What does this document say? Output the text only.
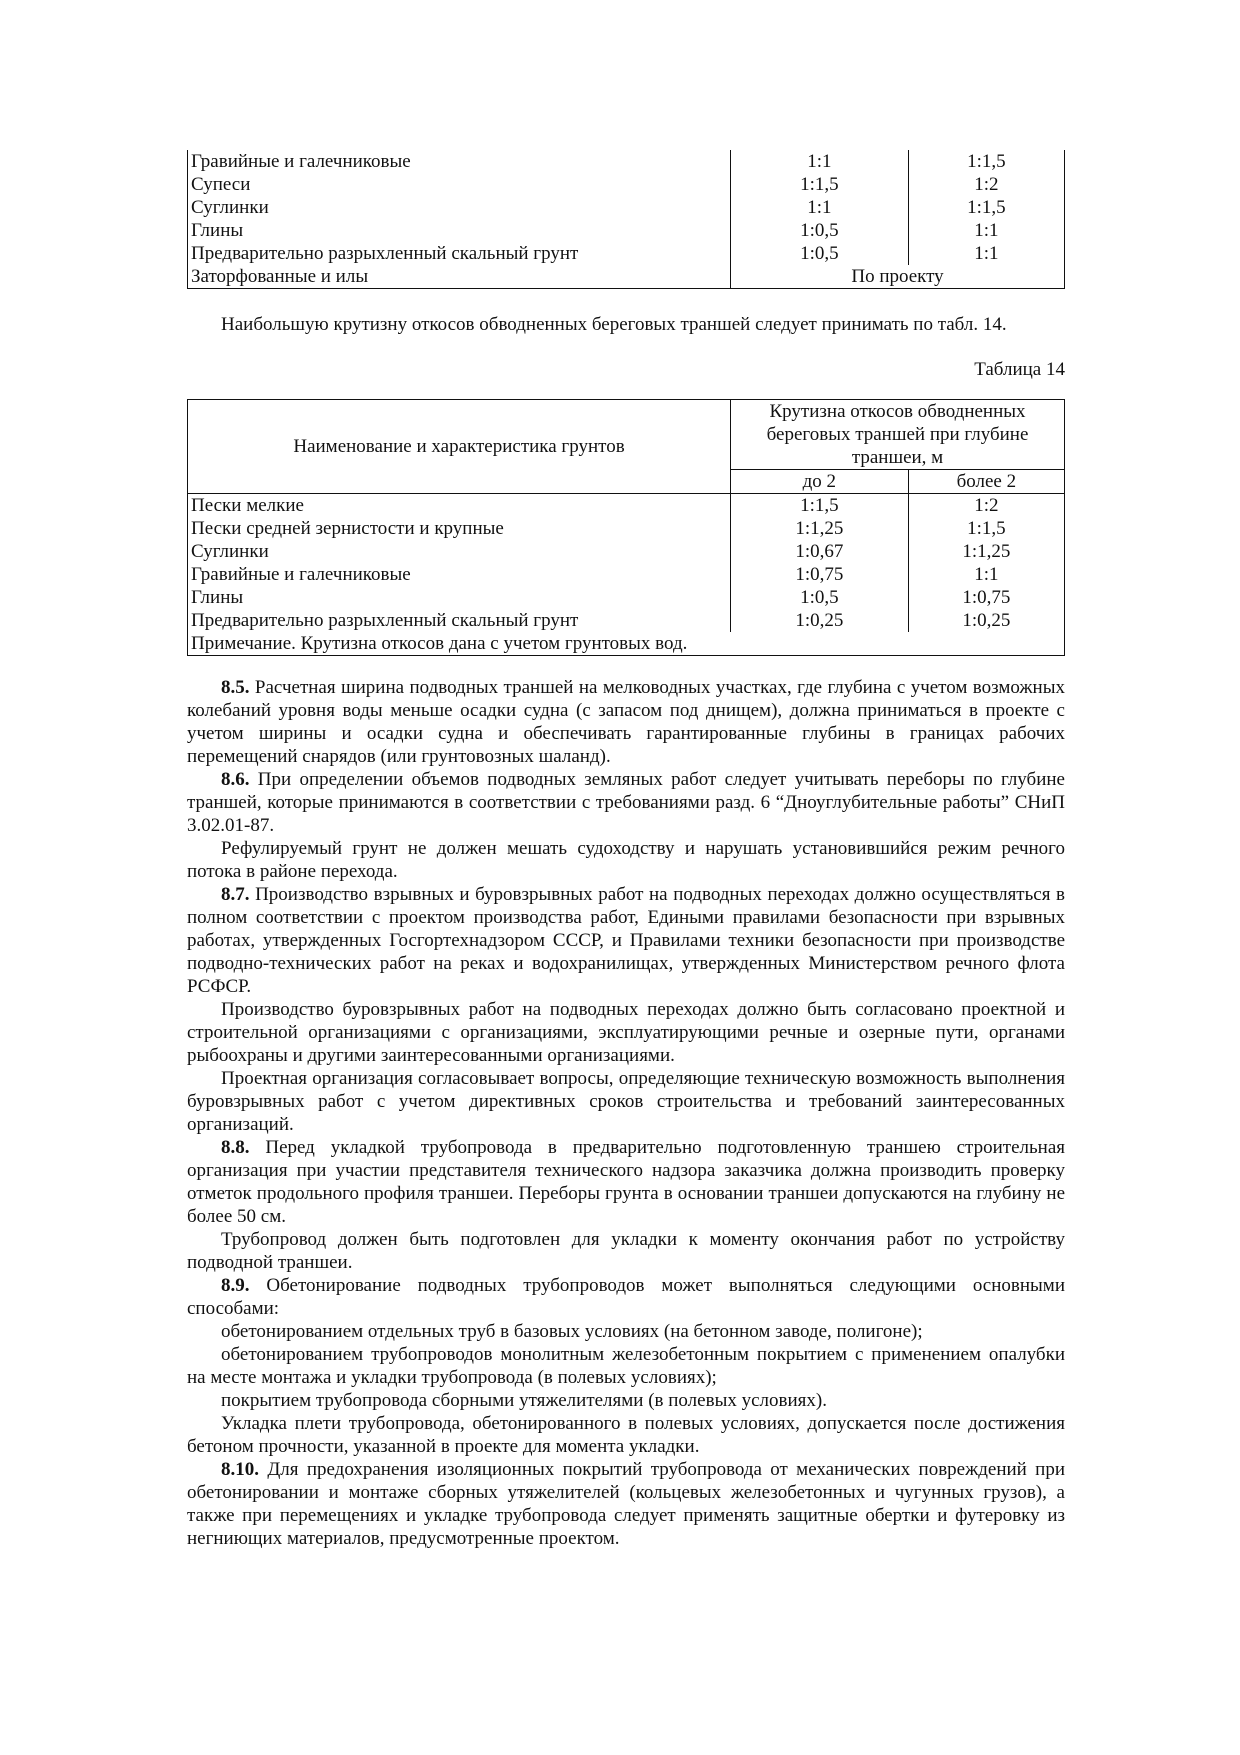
Гравийные и галечниковые	1:1	1:1,5
Супеси	1:1,5	1:2
Суглинки	1:1	1:1,5
Глины	1:0,5	1:1
Предварительно разрыхленный скальный грунт	1:0,5	1:1
Заторфованные и илы	По проекту	

Наибольшую крутизну откосов обводненных береговых траншей следует принимать по табл. 14.

Таблица 14
Наименование и характеристика грунтов	Крутизна откосов обводненных береговых траншей при глубине траншеи, м	
	до 2	более 2
Пески мелкие	1:1,5	1:2
Пески средней зернистости и крупные	1:1,25	1:1,5
Суглинки	1:0,67	1:1,25
Гравийные и галечниковые	1:0,75	1:1
Глины	1:0,5	1:0,75
Предварительно разрыхленный скальный грунт	1:0,25	1:0,25
Примечание. Крутизна откосов дана с учетом грунтовых вод.		

8.5. Расчетная ширина подводных траншей на мелководных участках, где глубина с учетом возможных колебаний уровня воды меньше осадки судна (с запасом под днищем), должна приниматься в проекте с учетом ширины и осадки судна и обеспечивать гарантированные глубины в границах рабочих перемещений снарядов (или грунтовозных шаланд).

8.6. При определении объемов подводных земляных работ следует учитывать переборы по глубине траншей, которые принимаются в соответствии с требованиями разд. 6 “Дноуглубительные работы” СНиП 3.02.01-87.

Рефулируемый грунт не должен мешать судоходству и нарушать установившийся режим речного потока в районе перехода.

8.7. Производство взрывных и буровзрывных работ на подводных переходах должно осуществляться в полном соответствии с проектом производства работ, Едиными правилами безопасности при взрывных работах, утвержденных Госгортехнадзором СССР, и Правилами техники безопасности при производстве подводно-технических работ на реках и водохранилищах, утвержденных Министерством речного флота РСФСР.

Производство буровзрывных работ на подводных переходах должно быть согласовано проектной и строительной организациями с организациями, эксплуатирующими речные и озерные пути, органами рыбоохраны и другими заинтересованными организациями.

Проектная организация согласовывает вопросы, определяющие техническую возможность выполнения буровзрывных работ с учетом директивных сроков строительства и требований заинтересованных организаций.

8.8. Перед укладкой трубопровода в предварительно подготовленную траншею строительная организация при участии представителя технического надзора заказчика должна производить проверку отметок продольного профиля траншеи. Переборы грунта в основании траншеи допускаются на глубину не более 50 см.

Трубопровод должен быть подготовлен для укладки к моменту окончания работ по устройству подводной траншеи.

8.9. Обетонирование подводных трубопроводов может выполняться следующими основными способами:

обетонированием отдельных труб в базовых условиях (на бетонном заводе, полигоне);

обетонированием трубопроводов монолитным железобетонным покрытием с применением опалубки на месте монтажа и укладки трубопровода (в полевых условиях);

покрытием трубопровода сборными утяжелителями (в полевых условиях).

Укладка плети трубопровода, обетонированного в полевых условиях, допускается после достижения бетоном прочности, указанной в проекте для момента укладки.

8.10. Для предохранения изоляционных покрытий трубопровода от механических повреждений при обетонировании и монтаже сборных утяжелителей (кольцевых железобетонных и чугунных грузов), а также при перемещениях и укладке трубопровода следует применять защитные обертки и футеровку из негниющих материалов, предусмотренные проектом.
